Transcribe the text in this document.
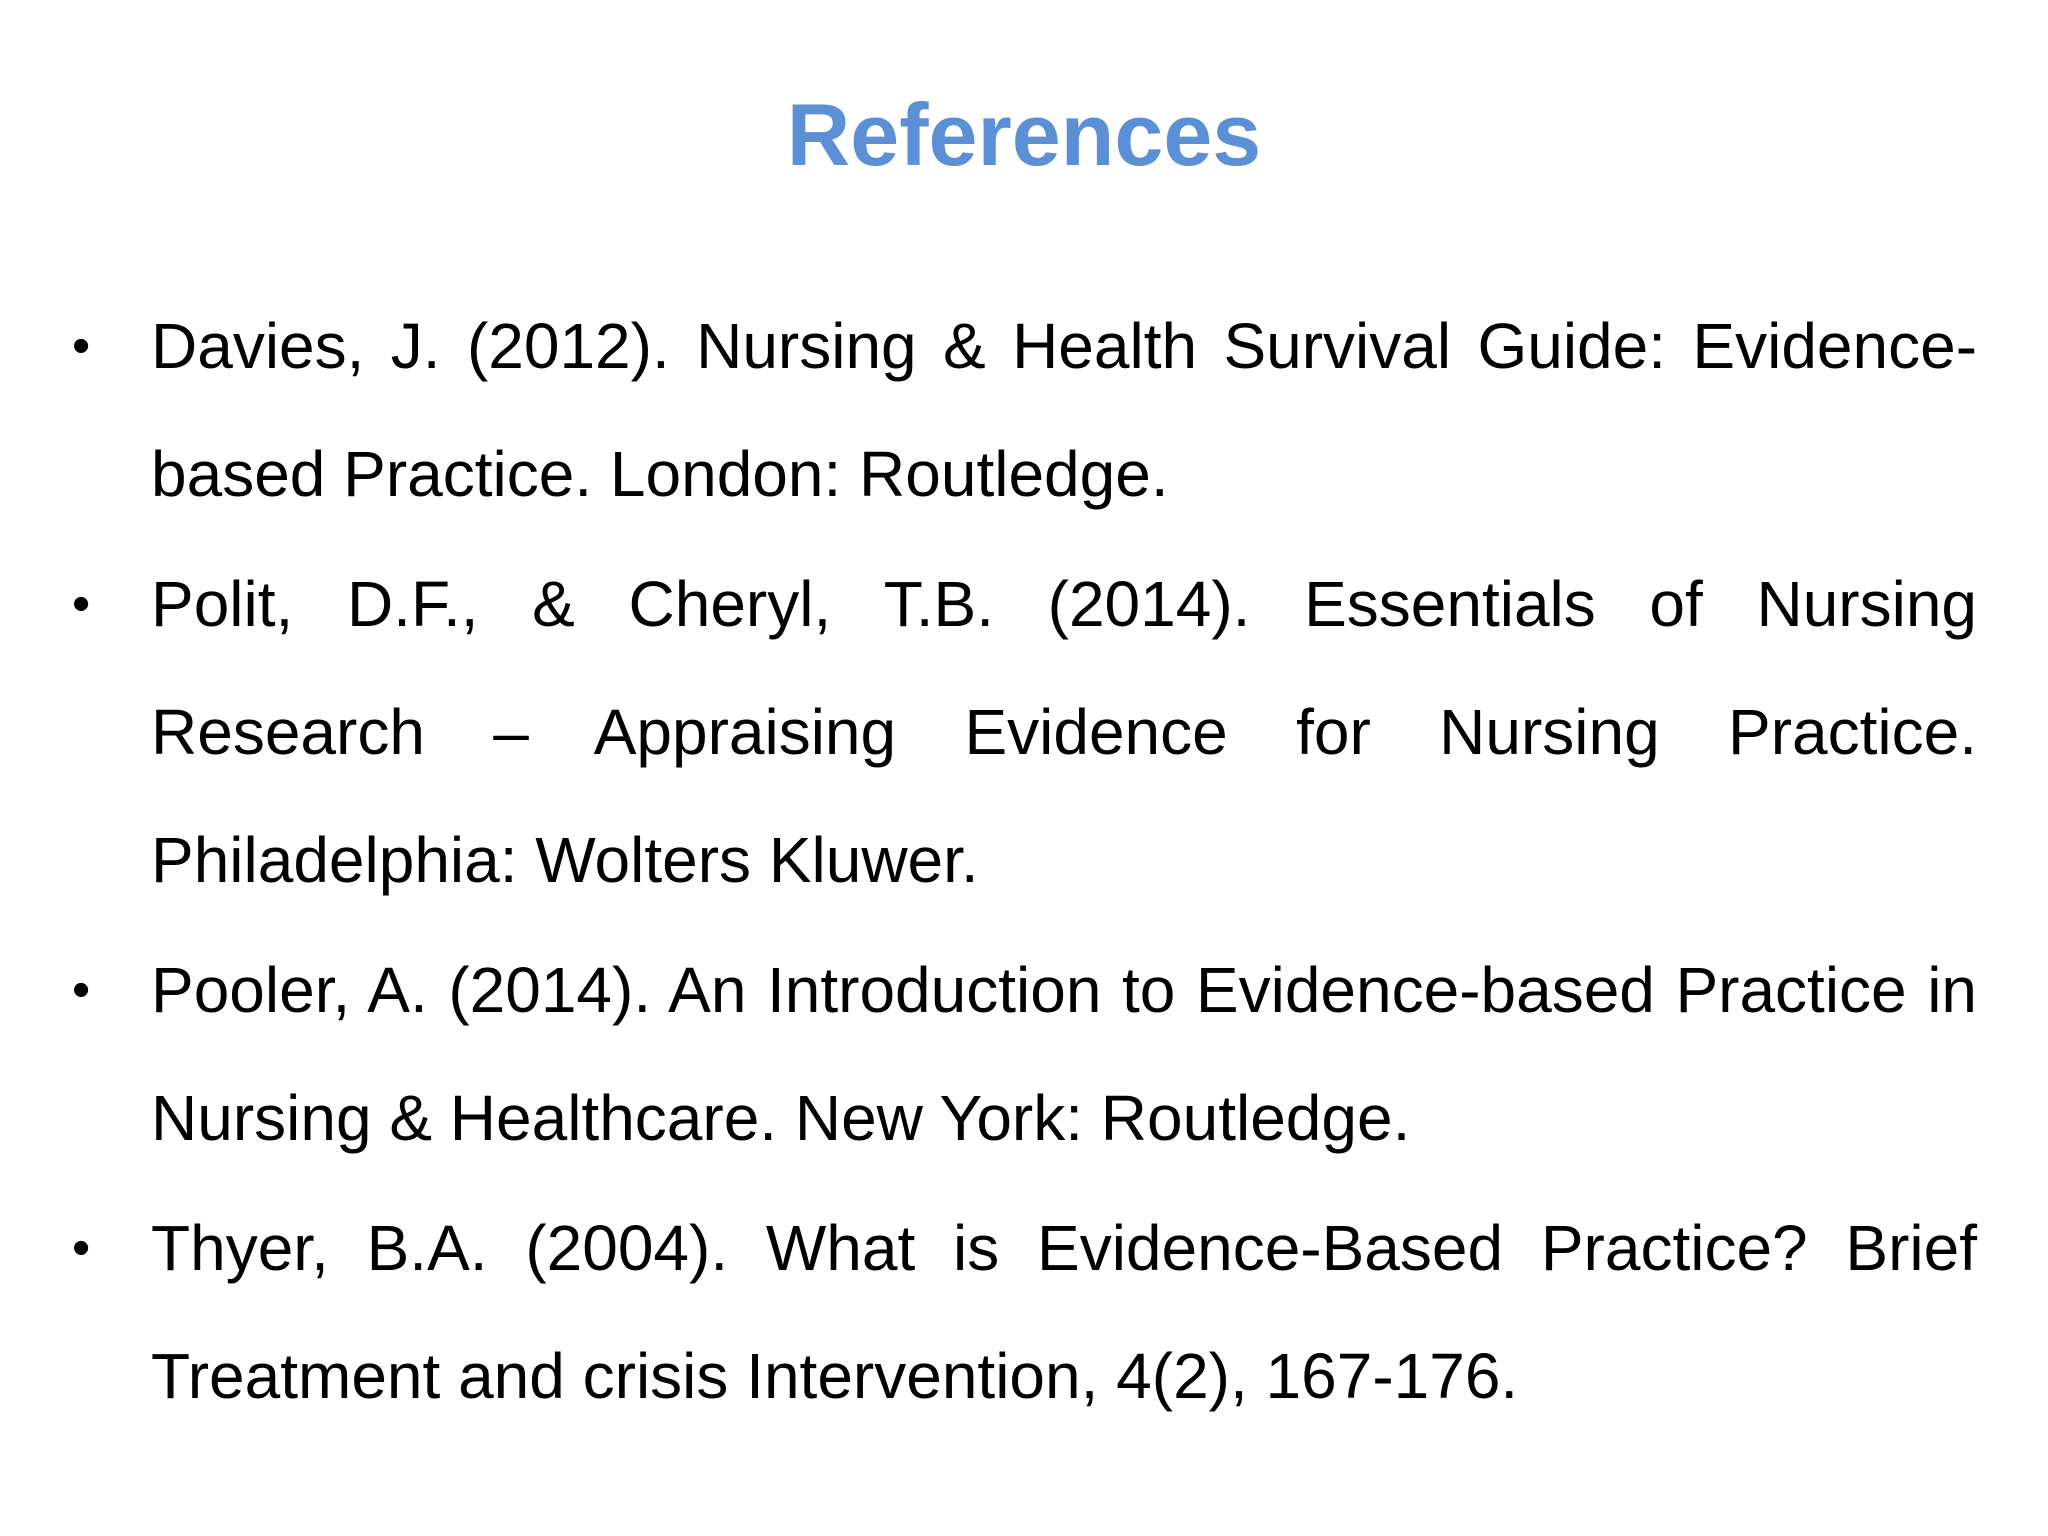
References
• Davies, J. (2012). Nursing & Health Survival Guide: Evidence-based Practice. London: Routledge.
• Polit, D.F., & Cheryl, T.B. (2014). Essentials of Nursing Research – Appraising Evidence for Nursing Practice. Philadelphia: Wolters Kluwer.
• Pooler, A. (2014). An Introduction to Evidence-based Practice in Nursing & Healthcare. New York: Routledge.
• Thyer, B.A. (2004). What is Evidence-Based Practice? Brief Treatment and crisis Intervention, 4(2), 167-176.
